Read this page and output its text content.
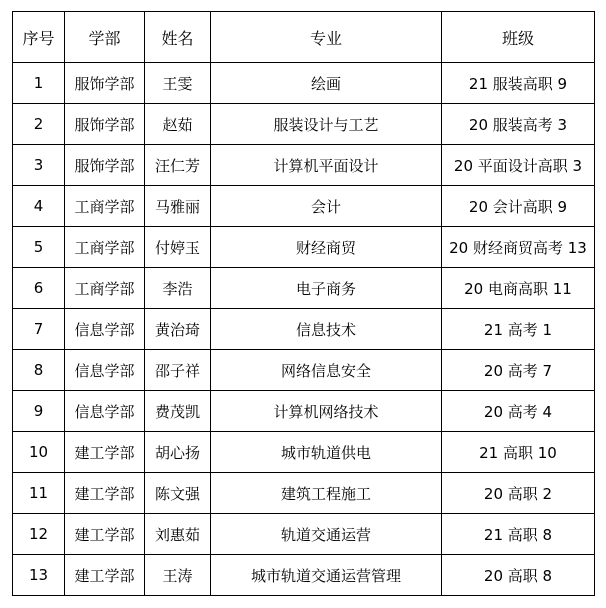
序号	学部	姓名	专业	班级
1	服饰学部	王雯	绘画	21 服装高职 9
2	服饰学部	赵茹	服装设计与工艺	20 服装高考 3
3	服饰学部	汪仁芳	计算机平面设计	20 平面设计高职 3
4	工商学部	马雅丽	会计	20 会计高职 9
5	工商学部	付婷玉	财经商贸	20 财经商贸高考 13
6	工商学部	李浩	电子商务	20 电商高职 11
7	信息学部	黄治琦	信息技术	21 高考 1
8	信息学部	邵子祥	网络信息安全	20 高考 7
9	信息学部	费茂凯	计算机网络技术	20 高考 4
10	建工学部	胡心扬	城市轨道供电	21 高职 10
11	建工学部	陈文强	建筑工程施工	20 高职 2
12	建工学部	刘惠茹	轨道交通运营	21 高职 8
13	建工学部	王涛	城市轨道交通运营管理	20 高职 8
